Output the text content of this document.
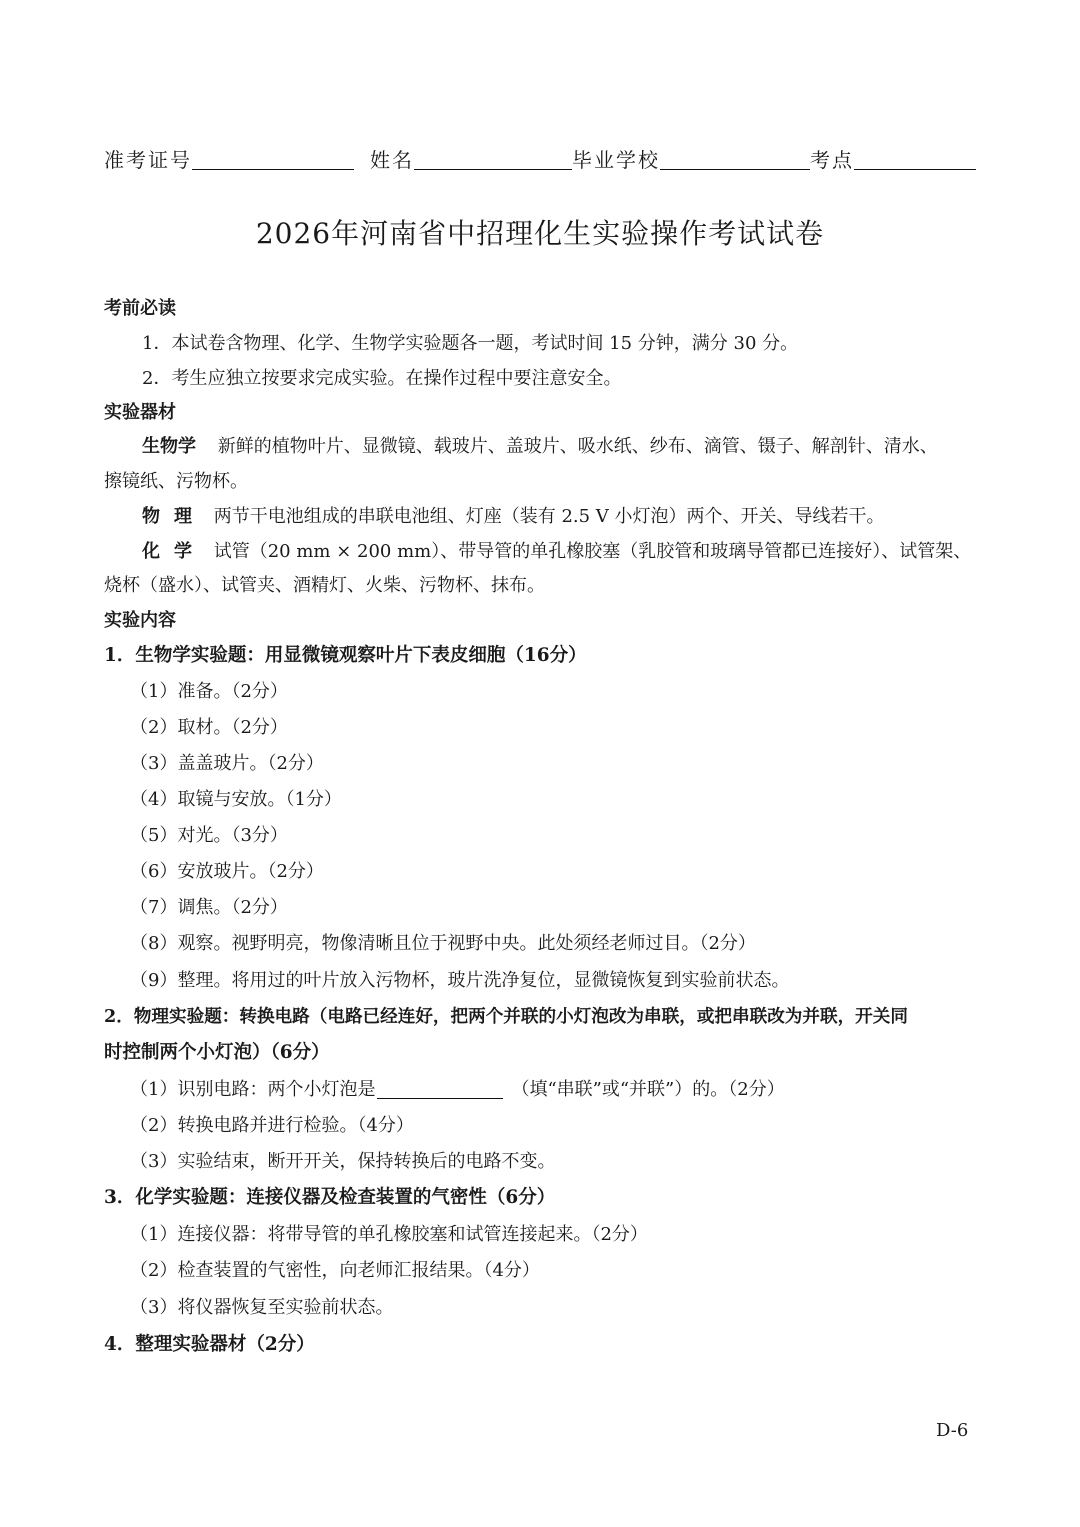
准考证号	姓名	毕业学校	考点
2026年河南省中招理化生实验操作考试试卷
考前必读
1．本试卷含物理、化学、生物学实验题各一题，考试时间 15 分钟，满分 30 分。
2．考生应独立按要求完成实验。在操作过程中要注意安全。
实验器材
生物学 新鲜的植物叶片、显微镜、载玻片、盖玻片、吸水纸、纱布、滴管、镊子、解剖针、清水、
擦镜纸、污物杯。
物理 两节干电池组成的串联电池组、灯座（装有 2.5 V 小灯泡）两个、开关、导线若干。
化学 试管（20 mm × 200 mm）、带导管的单孔橡胶塞（乳胶管和玻璃导管都已连接好）、试管架、
烧杯（盛水）、试管夹、酒精灯、火柴、污物杯、抹布。
实验内容
1．生物学实验题：用显微镜观察叶片下表皮细胞（16分）
（1）准备。（2分）
（2）取材。（2分）
（3）盖盖玻片。（2分）
（4）取镜与安放。（1分）
（5）对光。（3分）
（6）安放玻片。（2分）
（7）调焦。（2分）
（8）观察。视野明亮，物像清晰且位于视野中央。此处须经老师过目。（2分）
（9）整理。将用过的叶片放入污物杯，玻片洗净复位，显微镜恢复到实验前状态。
2．物理实验题：转换电路（电路已经连好，把两个并联的小灯泡改为串联，或把串联改为并联，开关同
时控制两个小灯泡）（6分）
（1）识别电路：两个小灯泡是	（填“串联”或“并联”）的。（2分）
（2）转换电路并进行检验。（4分）
（3）实验结束，断开开关，保持转换后的电路不变。
3．化学实验题：连接仪器及检查装置的气密性（6分）
（1）连接仪器：将带导管的单孔橡胶塞和试管连接起来。（2分）
（2）检查装置的气密性，向老师汇报结果。（4分）
（3）将仪器恢复至实验前状态。
4．整理实验器材（2分）
D-6
